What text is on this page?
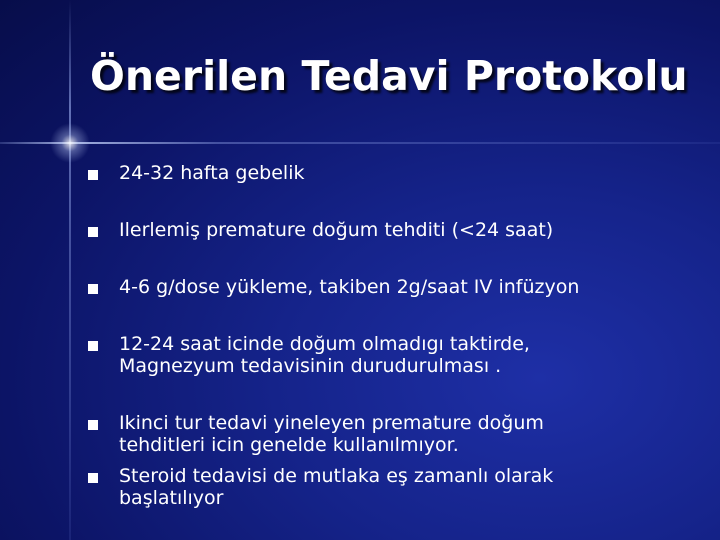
Önerilen Tedavi Protokolu
24-32 hafta gebelik
Ilerlemiş premature doğum tehditi (<24 saat)
4-6 g/dose yükleme, takiben 2g/saat IV infüzyon
12-24 saat icinde doğum olmadıgı taktirde,
Magnezyum tedavisinin durudurulması .
Ikinci tur tedavi yineleyen premature doğum
tehditleri icin genelde kullanılmıyor.
Steroid tedavisi de mutlaka eş zamanlı olarak
başlatılıyor
